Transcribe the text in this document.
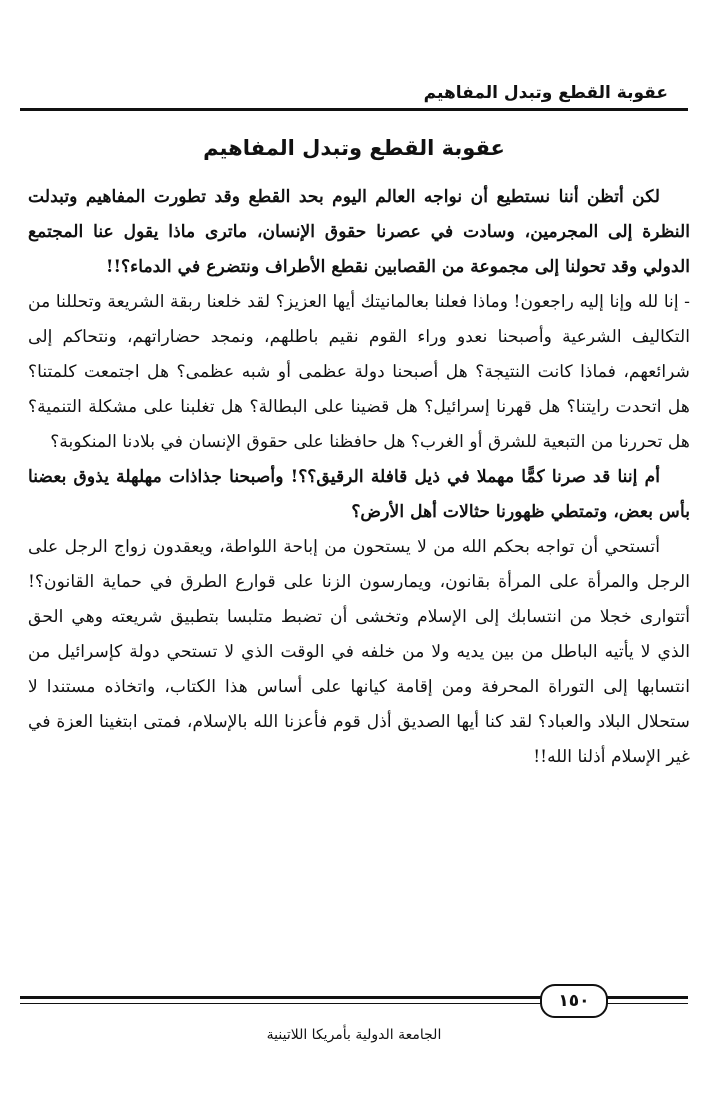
عقوبة القطع وتبدل المفاهيم
عقوبة القطع وتبدل المفاهيم

لكن أتظن أننا نستطيع أن نواجه العالم اليوم بحد القطع وقد تطورت المفاهيم وتبدلت النظرة إلى المجرمين، وسادت في عصرنا حقوق الإنسان، ماترى ماذا يقول عنا المجتمع الدولي وقد تحولنا إلى مجموعة من القصابين نقطع الأطراف ونتضرع في الدماء؟!!

- إنا لله وإنا إليه راجعون! وماذا فعلنا بعالمانيتك أيها العزيز؟ لقد خلعنا ربقة الشريعة وتحللنا من التكاليف الشرعية وأصبحنا نعدو وراء القوم نقيم باطلهم، ونمجد حضاراتهم، ونتحاكم إلى شرائعهم، فماذا كانت النتيجة؟ هل أصبحنا دولة عظمى أو شبه عظمى؟ هل اجتمعت كلمتنا؟ هل اتحدت رايتنا؟ هل قهرنا إسرائيل؟ هل قضينا على البطالة؟ هل تغلبنا على مشكلة التنمية؟ هل تحررنا من التبعية للشرق أو الغرب؟ هل حافظنا على حقوق الإنسان في بلادنا المنكوبة؟

أم إننا قد صرنا كمًّا مهملا في ذيل قافلة الرقيق؟؟! وأصبحنا جذاذات مهلهلة يذوق بعضنا بأس بعض، وتمتطي ظهورنا حثالات أهل الأرض؟

أتستحي أن تواجه بحكم الله من لا يستحون من إباحة اللواطة، ويعقدون زواج الرجل على الرجل والمرأة على المرأة بقانون، ويمارسون الزنا على قوارع الطرق في حماية القانون؟! أتتوارى خجلا من انتسابك إلى الإسلام وتخشى أن تضبط متلبسا بتطبيق شريعته وهي الحق الذي لا يأتيه الباطل من بين يديه ولا من خلفه في الوقت الذي لا تستحي دولة كإسرائيل من انتسابها إلى التوراة المحرفة ومن إقامة كيانها على أساس هذا الكتاب، واتخاذه مستندا لا ستحلال البلاد والعباد؟ لقد كنا أيها الصديق أذل قوم فأعزنا الله بالإسلام، فمتى ابتغينا العزة في غير الإسلام أذلنا الله!!

١٥٠
الجامعة الدولية بأمريكا اللاتينية
